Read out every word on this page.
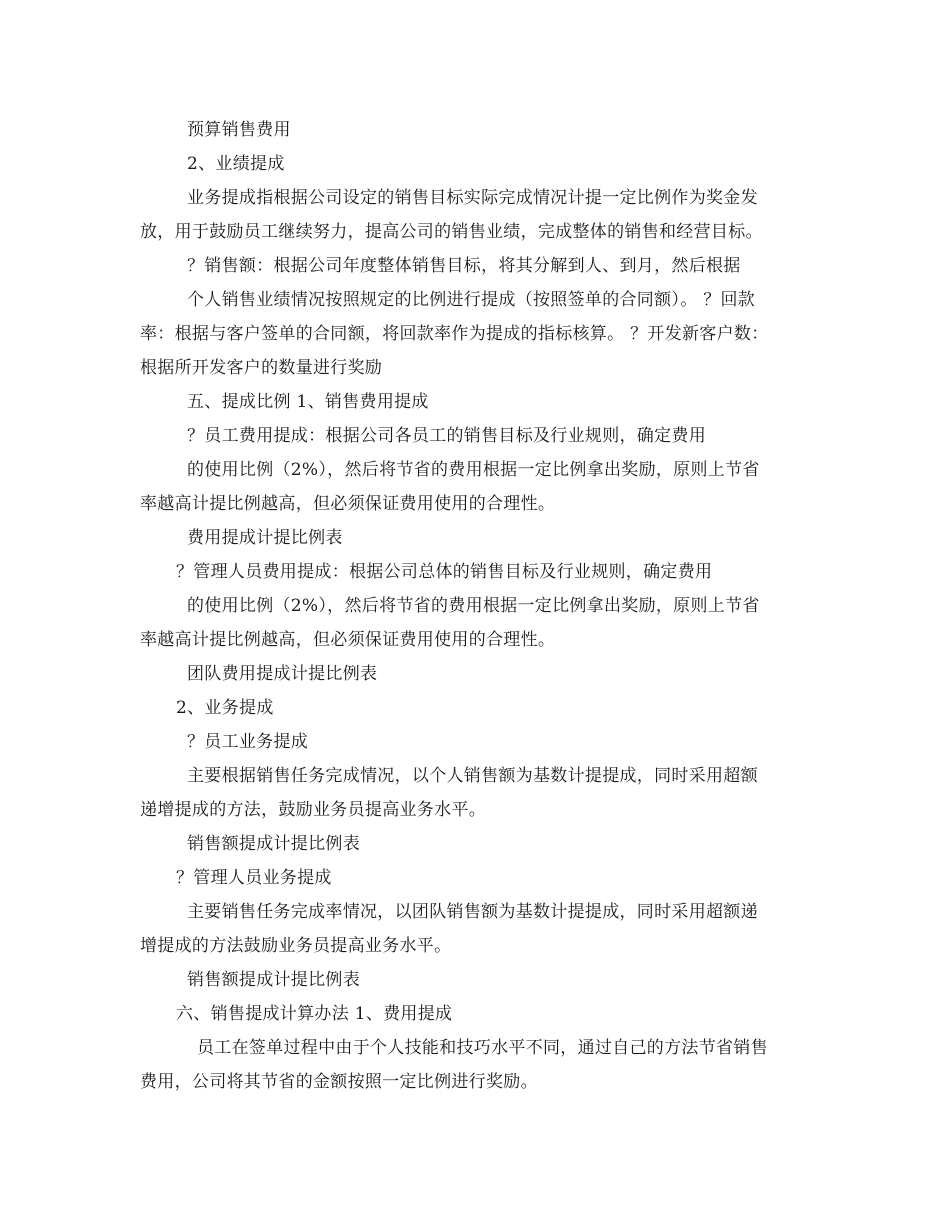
预算销售费用

2、业绩提成

业务提成指根据公司设定的销售目标实际完成情况计提一定比例作为奖金发

放，用于鼓励员工继续努力，提高公司的销售业绩，完成整体的销售和经营目标。

？销售额：根据公司年度整体销售目标，将其分解到人、到月，然后根据

个人销售业绩情况按照规定的比例进行提成（按照签单的合同额）。 ？回款

率：根据与客户签单的合同额，将回款率作为提成的指标核算。 ？开发新客户数：

根据所开发客户的数量进行奖励

五、提成比例 1、销售费用提成

？员工费用提成：根据公司各员工的销售目标及行业规则，确定费用

的使用比例（2%），然后将节省的费用根据一定比例拿出奖励，原则上节省

率越高计提比例越高，但必须保证费用使用的合理性。

费用提成计提比例表

？管理人员费用提成：根据公司总体的销售目标及行业规则，确定费用

的使用比例（2%），然后将节省的费用根据一定比例拿出奖励，原则上节省

率越高计提比例越高，但必须保证费用使用的合理性。

团队费用提成计提比例表

2、业务提成

？员工业务提成

主要根据销售任务完成情况，以个人销售额为基数计提提成，同时采用超额

递增提成的方法，鼓励业务员提高业务水平。

销售额提成计提比例表

？管理人员业务提成

主要销售任务完成率情况，以团队销售额为基数计提提成，同时采用超额递

增提成的方法鼓励业务员提高业务水平。

销售额提成计提比例表

六、销售提成计算办法 1、费用提成

员工在签单过程中由于个人技能和技巧水平不同，通过自己的方法节省销售

费用，公司将其节省的金额按照一定比例进行奖励。
